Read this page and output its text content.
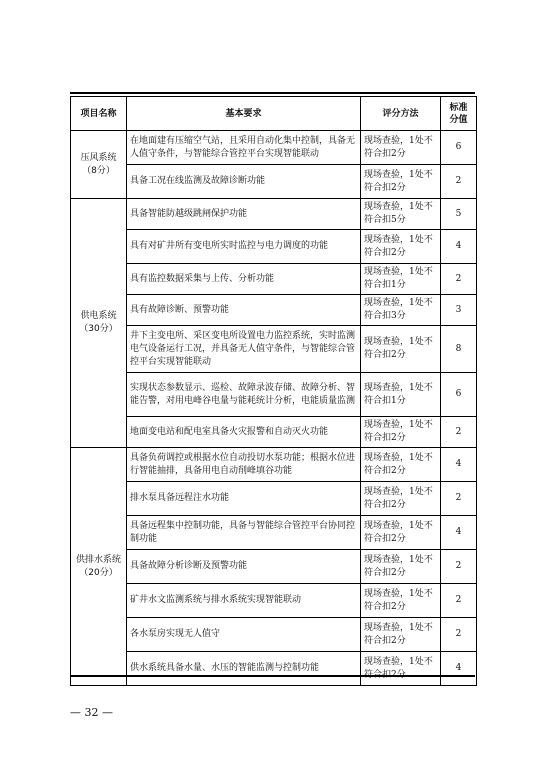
项目名称	基本要求	评分方法	标准
分值
压风系统
（8分）	在地面建有压缩空气站，且采用自动化集中控制，具备无人值守条件，与智能综合管控平台实现智能联动	现场查验，1处不符合扣2分	6
	具备工况在线监测及故障诊断功能	现场查验，1处不符合扣2分	2
供电系统
（30分）	具备智能防越级跳闸保护功能	现场查验，1处不符合扣5分	5
	具有对矿井所有变电所实时监控与电力调度的功能	现场查验，1处不符合扣2分	4
	具有监控数据采集与上传、分析功能	现场查验，1处不符合扣1分	2
	具有故障诊断、预警功能	现场查验，1处不符合扣3分	3
	井下主变电所、采区变电所设置电力监控系统，实时监测电气设备运行工况，并具备无人值守条件，与智能综合管控平台实现智能联动	现场查验，1处不符合扣2分	8
	实现状态参数显示、巡检、故障录波存储、故障分析、智能告警，对用电峰谷电量与能耗统计分析，电能质量监测	现场查验，1处不符合扣1分	6
	地面变电站和配电室具备火灾报警和自动灭火功能	现场查验，1处不符合扣2分	2
供排水系统
（20分）	具备负荷调控或根据水位自动投切水泵功能；根据水位进行智能抽排，具备用电自动削峰填谷功能	现场查验，1处不符合扣2分	4
	排水泵具备远程注水功能	现场查验，1处不符合扣2分	2
	具备远程集中控制功能，具备与智能综合管控平台协同控制功能	现场查验，1处不符合扣2分	4
	具备故障分析诊断及预警功能	现场查验，1处不符合扣2分	2
	矿井水文监测系统与排水系统实现智能联动	现场查验，1处不符合扣2分	2
	各水泵房实现无人值守	现场查验，1处不符合扣2分	2
	供水系统具备水量、水压的智能监测与控制功能	现场查验，1处不符合扣2分	4
— 32 —
